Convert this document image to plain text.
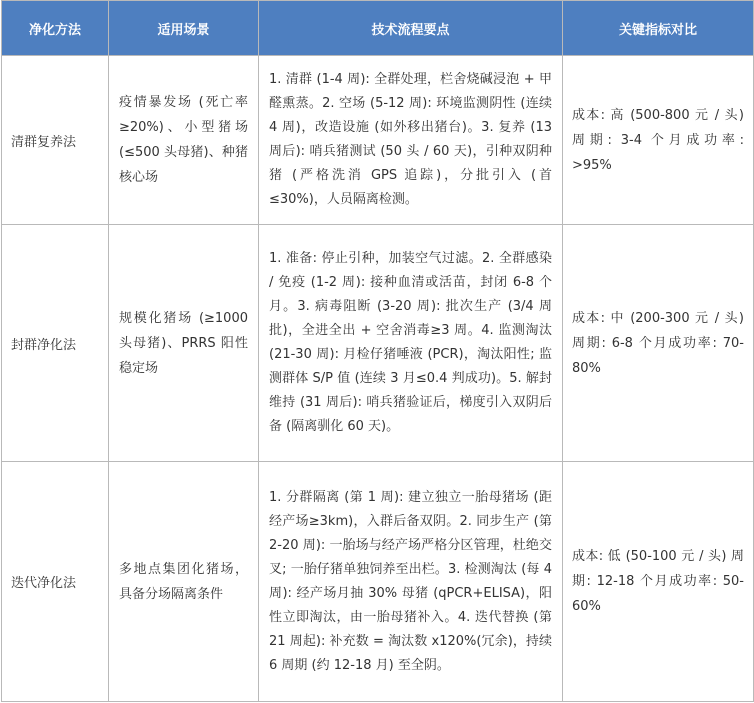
净化方法	适用场景	技术流程要点	关键指标对比
清群复养法	疫情暴发场 (死亡率≥20%)、小型猪场 (≤500 头母猪)、种猪核心场	1. 清群 (1-4 周): 全群处理，栏舍烧碱浸泡 + 甲醛熏蒸。2. 空场 (5-12 周): 环境监测阴性 (连续 4 周)，改造设施 (如外移出猪台)。3. 复养 (13 周后): 哨兵猪测试 (50 头 / 60 天)，引种双阴种猪 (严格洗消 GPS 追踪)，分批引入 (首≤30%)，人员隔离检测。	成本: 高 (500-800 元 / 头) 周期: 3-4 个月成功率: >95%
封群净化法	规模化猪场 (≥1000 头母猪)、PRRS 阳性稳定场	1. 准备: 停止引种，加装空气过滤。2. 全群感染 / 免疫 (1-2 周): 接种血清或活苗，封闭 6-8 个月。3. 病毒阻断 (3-20 周): 批次生产 (3/4 周批)，全进全出 + 空舍消毒≥3 周。4. 监测淘汰 (21-30 周): 月检仔猪唾液 (PCR)，淘汰阳性; 监测群体 S/P 值 (连续 3 月≤0.4 判成功)。5. 解封维持 (31 周后): 哨兵猪验证后，梯度引入双阴后备 (隔离驯化 60 天)。	成本: 中 (200-300 元 / 头) 周期: 6-8 个月成功率: 70-80%
迭代净化法	多地点集团化猪场，具备分场隔离条件	1. 分群隔离 (第 1 周): 建立独立一胎母猪场 (距经产场≥3km)，入群后备双阴。2. 同步生产 (第 2-20 周): 一胎场与经产场严格分区管理，杜绝交叉; 一胎仔猪单独饲养至出栏。3. 检测淘汰 (每 4 周): 经产场月抽 30% 母猪 (qPCR+ELISA)，阳性立即淘汰，由一胎母猪补入。4. 迭代替换 (第 21 周起): 补充数 = 淘汰数 x120%(冗余)，持续 6 周期 (约 12-18 月) 至全阴。	成本: 低 (50-100 元 / 头) 周期: 12-18 个月成功率: 50-60%
